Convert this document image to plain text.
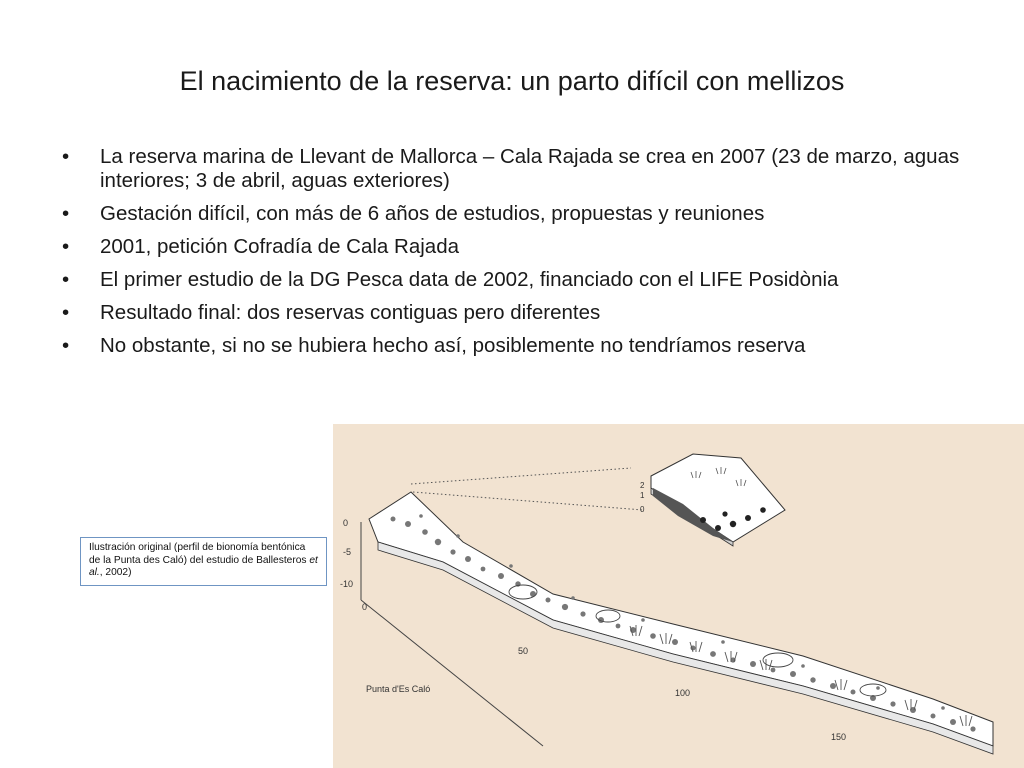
El nacimiento de la reserva: un parto difícil con mellizos
• La reserva marina de Llevant de Mallorca – Cala Rajada se crea en 2007 (23 de marzo, aguas interiores; 3 de abril, aguas exteriores)
• Gestación difícil, con más de 6 años de estudios, propuestas y reuniones
• 2001, petición Cofradía de Cala Rajada
• El primer estudio de la DG Pesca data de 2002, financiado con el LIFE Posidònia
• Resultado final: dos reservas contiguas pero diferentes
• No obstante, si no se hubiera hecho así, posiblemente no tendríamos reserva
0
-5
-10
0
50
100
150
Punta d'Es Caló
2
1
0
Ilustración original (perfil de bionomía bentónica de la Punta des Caló) del estudio de Ballesteros et al., 2002)
